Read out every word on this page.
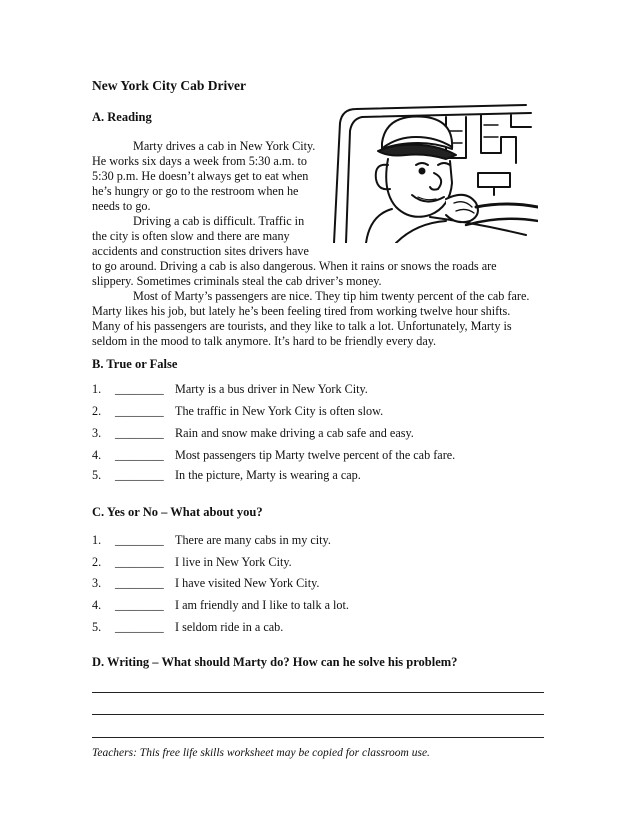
New York City Cab Driver
A. Reading
Marty drives a cab in New York City.
He works six days a week from 5:30 a.m. to
5:30 p.m. He doesn’t always get to eat when
he’s hungry or go to the restroom when he
needs to go.
Driving a cab is difficult. Traffic in
the city is often slow and there are many
accidents and construction sites drivers have
to go around. Driving a cab is also dangerous. When it rains or snows the roads are
slippery. Sometimes criminals steal the cab driver’s money.
Most of Marty’s passengers are nice. They tip him twenty percent of the cab fare.
Marty likes his job, but lately he’s been feeling tired from working twelve hour shifts.
Many of his passengers are tourists, and they like to talk a lot. Unfortunately, Marty is
seldom in the mood to talk anymore. It’s hard to be friendly every day.
B. True or False
1. ________ Marty is a bus driver in New York City.
2. ________ The traffic in New York City is often slow.
3. ________ Rain and snow make driving a cab safe and easy.
4. ________ Most passengers tip Marty twelve percent of the cab fare.
5. ________ In the picture, Marty is wearing a cap.
C. Yes or No – What about you?
1. ________ There are many cabs in my city.
2. ________ I live in New York City.
3. ________ I have visited New York City.
4. ________ I am friendly and I like to talk a lot.
5. ________ I seldom ride in a cab.
D. Writing – What should Marty do? How can he solve his problem?
Teachers: This free life skills worksheet may be copied for classroom use.
